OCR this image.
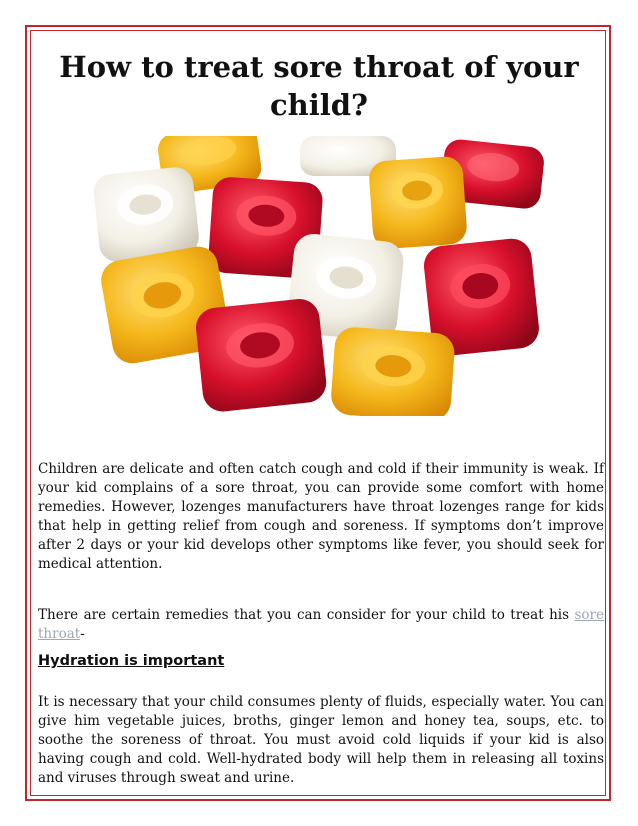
How to treat sore throat of your child?

Children are delicate and often catch cough and cold if their immunity is weak. If your kid complains of a sore throat, you can provide some comfort with home remedies. However, lozenges manufacturers have throat lozenges range for kids that help in getting relief from cough and soreness. If symptoms don’t improve after 2 days or your kid develops other symptoms like fever, you should seek for medical attention.

There are certain remedies that you can consider for your child to treat his sore throat-

Hydration is important

It is necessary that your child consumes plenty of fluids, especially water. You can give him vegetable juices, broths, ginger lemon and honey tea, soups, etc. to soothe the soreness of throat. You must avoid cold liquids if your kid is also having cough and cold. Well-hydrated body will help them in releasing all toxins and viruses through sweat and urine.
